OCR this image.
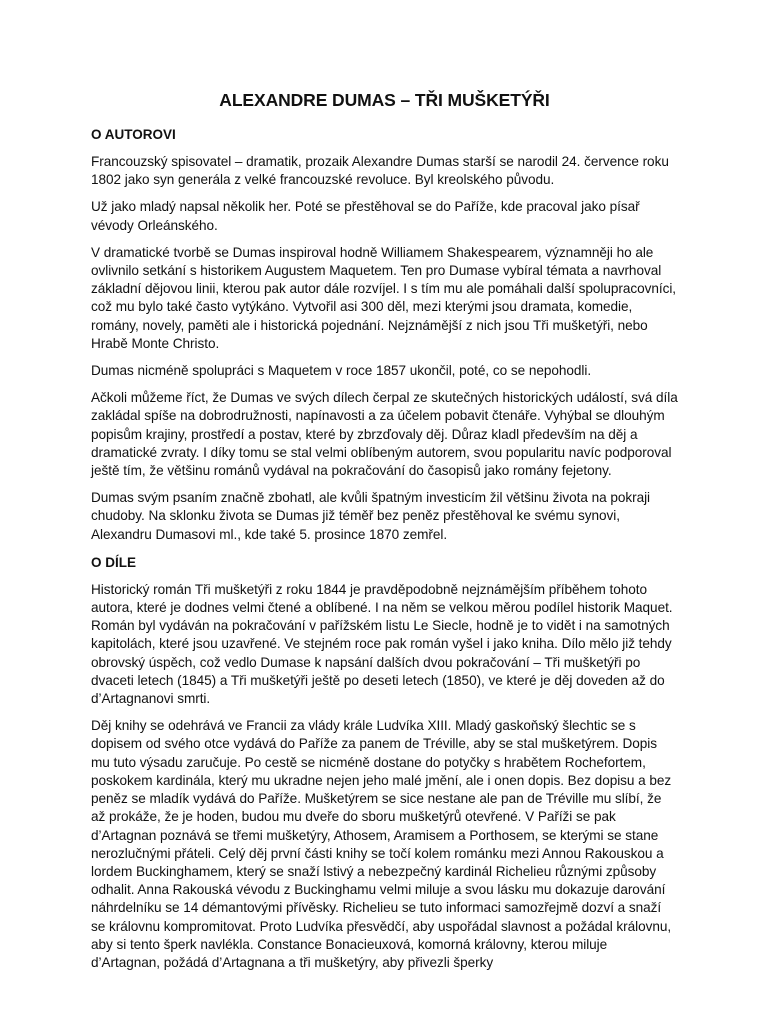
ALEXANDRE DUMAS – TŘI MUŠKETÝŘI
O AUTOROVI

Francouzský spisovatel – dramatik, prozaik Alexandre Dumas starší se narodil 24. července roku 1802 jako syn generála z velké francouzské revoluce. Byl kreolského původu.

Už jako mladý napsal několik her. Poté se přestěhoval se do Paříže, kde pracoval jako písař vévody Orleánského.

V dramatické tvorbě se Dumas inspiroval hodně Williamem Shakespearem, významněji ho ale ovlivnilo setkání s historikem Augustem Maquetem. Ten pro Dumase vybíral témata a navrhoval základní dějovou linii, kterou pak autor dále rozvíjel. I s tím mu ale pomáhali další spolupracovníci, což mu bylo také často vytýkáno. Vytvořil asi 300 děl, mezi kterými jsou dramata, komedie, romány, novely, paměti ale i historická pojednání. Nejznámější z nich jsou Tři mušketýři, nebo Hrabě Monte Christo.

Dumas nicméně spolupráci s Maquetem v roce 1857 ukončil, poté, co se nepohodli.

Ačkoli můžeme říct, že Dumas ve svých dílech čerpal ze skutečných historických událostí, svá díla zakládal spíše na dobrodružnosti, napínavosti a za účelem pobavit čtenáře. Vyhýbal se dlouhým popisům krajiny, prostředí a postav, které by zbrzďovaly děj. Důraz kladl především na děj a dramatické zvraty. I díky tomu se stal velmi oblíbeným autorem, svou popularitu navíc podporoval ještě tím, že většinu románů vydával na pokračování do časopisů jako romány fejetony.

Dumas svým psaním značně zbohatl, ale kvůli špatným investicím žil většinu života na pokraji chudoby. Na sklonku života se Dumas již téměř bez peněz přestěhoval ke svému synovi, Alexandru Dumasovi ml., kde také 5. prosince 1870 zemřel.

O DÍLE

Historický román Tři mušketýři z roku 1844 je pravděpodobně nejznámějším příběhem tohoto autora, které je dodnes velmi čtené a oblíbené. I na něm se velkou měrou podílel historik Maquet. Román byl vydáván na pokračování v pařížském listu Le Siecle, hodně je to vidět i na samotných kapitolách, které jsou uzavřené. Ve stejném roce pak román vyšel i jako kniha. Dílo mělo již tehdy obrovský úspěch, což vedlo Dumase k napsání dalších dvou pokračování – Tři mušketýři po dvaceti letech (1845) a Tři mušketýři ještě po deseti letech (1850), ve které je děj doveden až do d’Artagnanovi smrti.

Děj knihy se odehrává ve Francii za vlády krále Ludvíka XIII. Mladý gaskoňský šlechtic se s dopisem od svého otce vydává do Paříže za panem de Tréville, aby se stal mušketýrem. Dopis mu tuto výsadu zaručuje. Po cestě se nicméně dostane do potyčky s hrabětem Rochefortem, poskokem kardinála, který mu ukradne nejen jeho malé jmění, ale i onen dopis. Bez dopisu a bez peněz se mladík vydává do Paříže. Mušketýrem se sice nestane ale pan de Tréville mu slíbí, že až prokáže, že je hoden, budou mu dveře do sboru mušketýrů otevřené. V Paříži se pak d’Artagnan poznává se třemi mušketýry, Athosem, Aramisem a Porthosem, se kterými se stane nerozlučnými přáteli. Celý děj první části knihy se točí kolem románku mezi Annou Rakouskou a lordem Buckinghamem, který se snaží lstivý a nebezpečný kardinál Richelieu různými způsoby odhalit. Anna Rakouská vévodu z Buckinghamu velmi miluje a svou lásku mu dokazuje darování náhrdelníku se 14 démantovými přívěsky. Richelieu se tuto informaci samozřejmě dozví a snaží se královnu kompromitovat. Proto Ludvíka přesvědčí, aby uspořádal slavnost a požádal královnu, aby si tento šperk navlékla. Constance Bonacieuxová, komorná královny, kterou miluje d’Artagnan, požádá d’Artagnana a tři mušketýry, aby přivezli šperky
